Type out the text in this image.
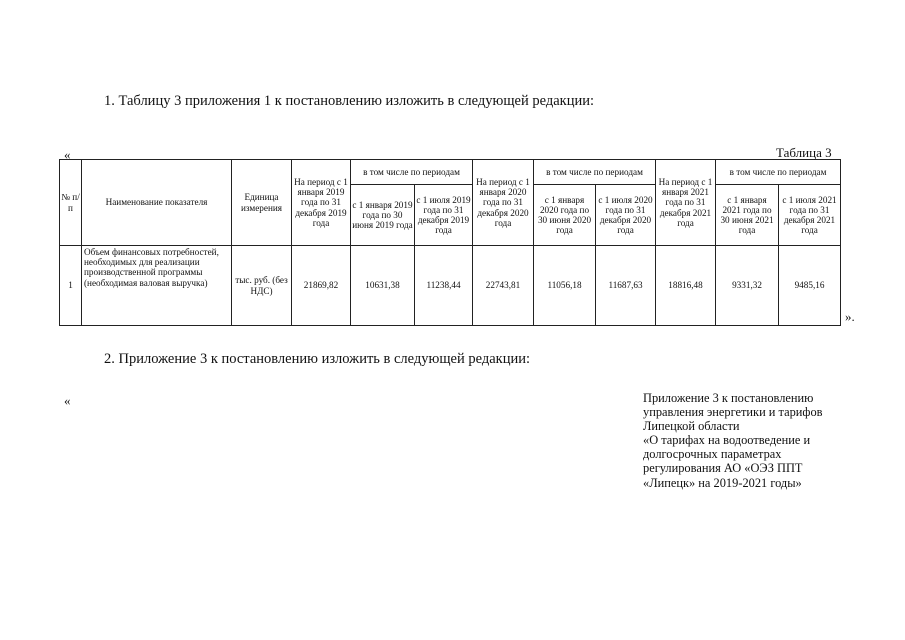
1. Таблицу 3 приложения 1 к постановлению изложить в следующей редакции:
«	Таблица 3
№ п/п	Наименование показателя	Единица измерения	На период с 1 января 2019 года по 31 декабря 2019 года	в том числе по периодам		На период с 1 января 2020 года по 31 декабря 2020 года	в том числе по периодам		На период с 1 января 2021 года по 31 декабря 2021 года	в том числе по периодам	
				с 1 января 2019 года по 30 июня 2019 года	с 1 июля 2019 года по 31 декабря 2019 года		с 1 января 2020 года по 30 июня 2020 года	с 1 июля 2020 года по 31 декабря 2020 года		с 1 января 2021 года по 30 июня 2021 года	с 1 июля 2021 года по 31 декабря 2021 года
1	Объем финансовых потребностей, необходимых для реализации производственной программы (необходимая валовая выручка)	тыс. руб. (без НДС)	21869,82	10631,38	11238,44	22743,81	11056,18	11687,63	18816,48	9331,32	9485,16
».
2. Приложение 3 к постановлению изложить в следующей редакции:
«	Приложение 3 к постановлению
управления энергетики и тарифов
Липецкой области
«О тарифах на водоотведение и
долгосрочных параметрах
регулирования АО «ОЭЗ ППТ
«Липецк» на 2019-2021 годы»
